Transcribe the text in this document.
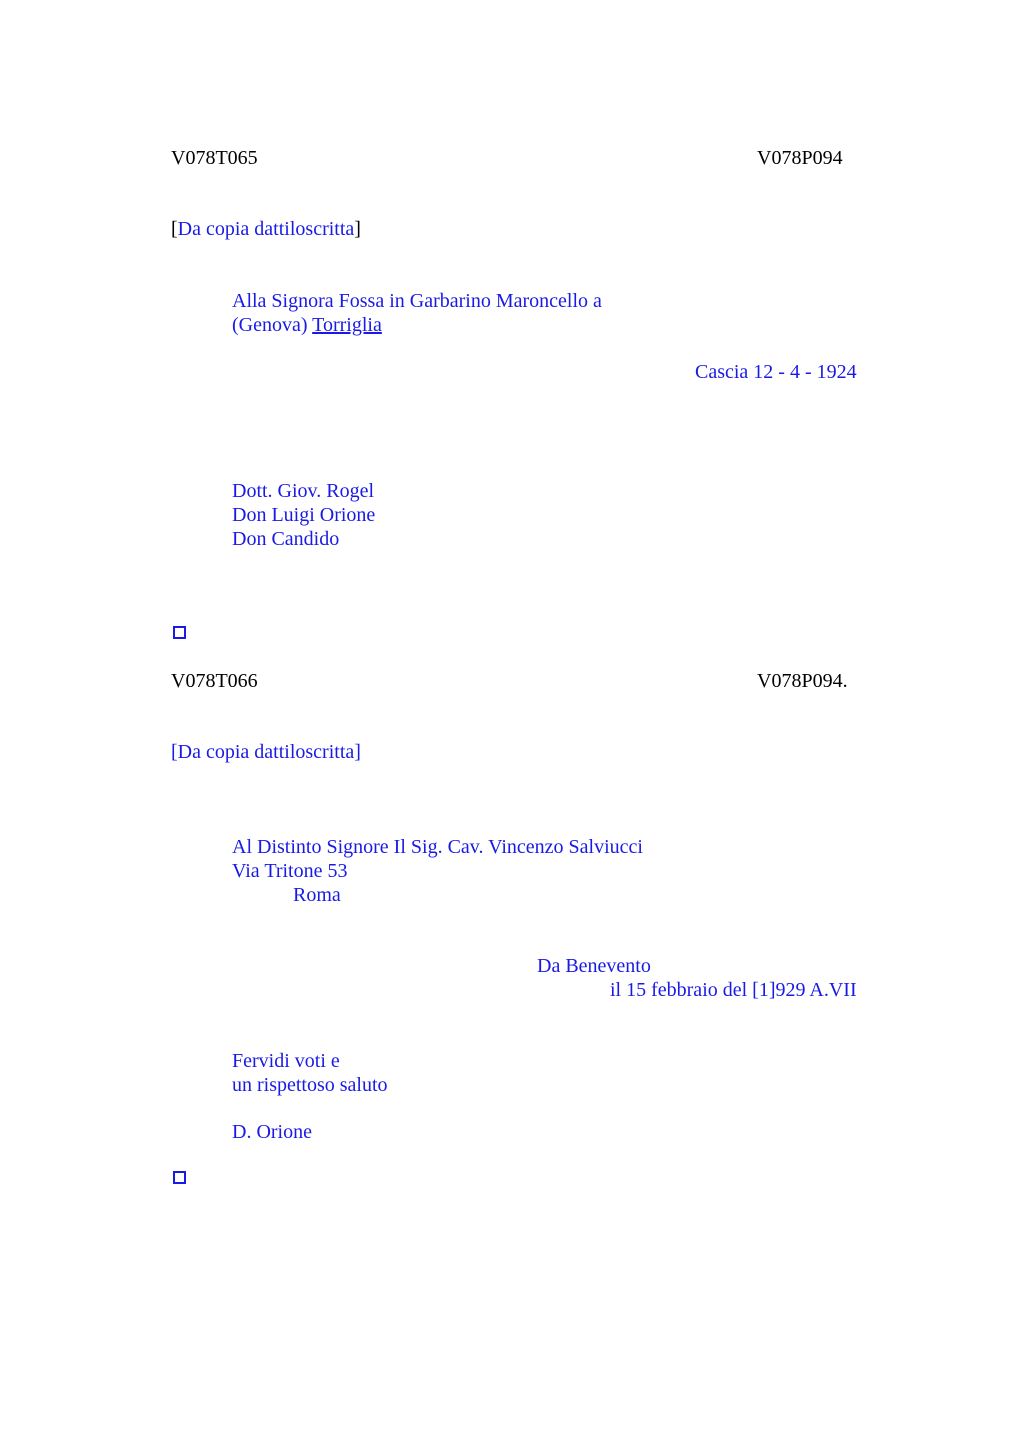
V078T065	V078P094
[Da copia dattiloscritta]
Alla Signora Fossa in Garbarino Maroncello a
(Genova) Torriglia
Cascia 12 - 4 - 1924
Dott. Giov. Rogel
Don Luigi Orione
Don Candido
V078T066	V078P094.
[Da copia dattiloscritta]
Al Distinto Signore Il Sig. Cav. Vincenzo Salviucci
Via Tritone 53
Roma
Da Benevento
il 15 febbraio del [1]929 A.VII
Fervidi voti e
un rispettoso saluto
D. Orione
